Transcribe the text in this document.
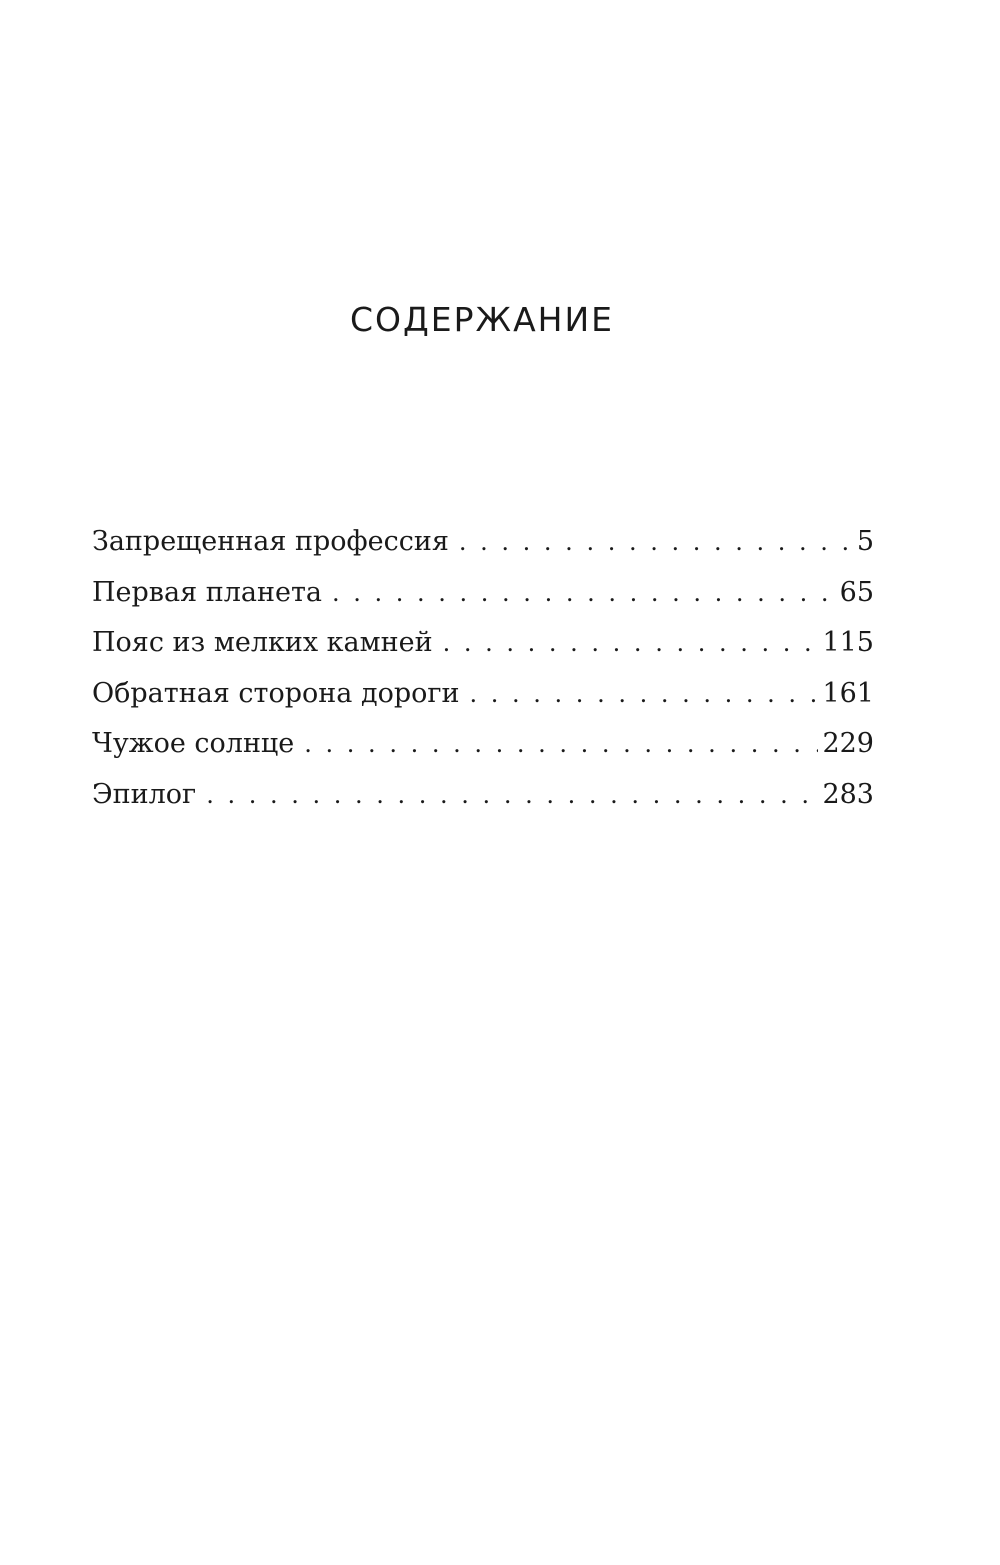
СОДЕРЖАНИЕ
Запрещенная профессия . . .	5
Первая планета . . .	65
Пояс из мелких камней . . .	115
Обратная сторона дороги . . .	161
Чужое солнце . . .	229
Эпилог . . .	283
